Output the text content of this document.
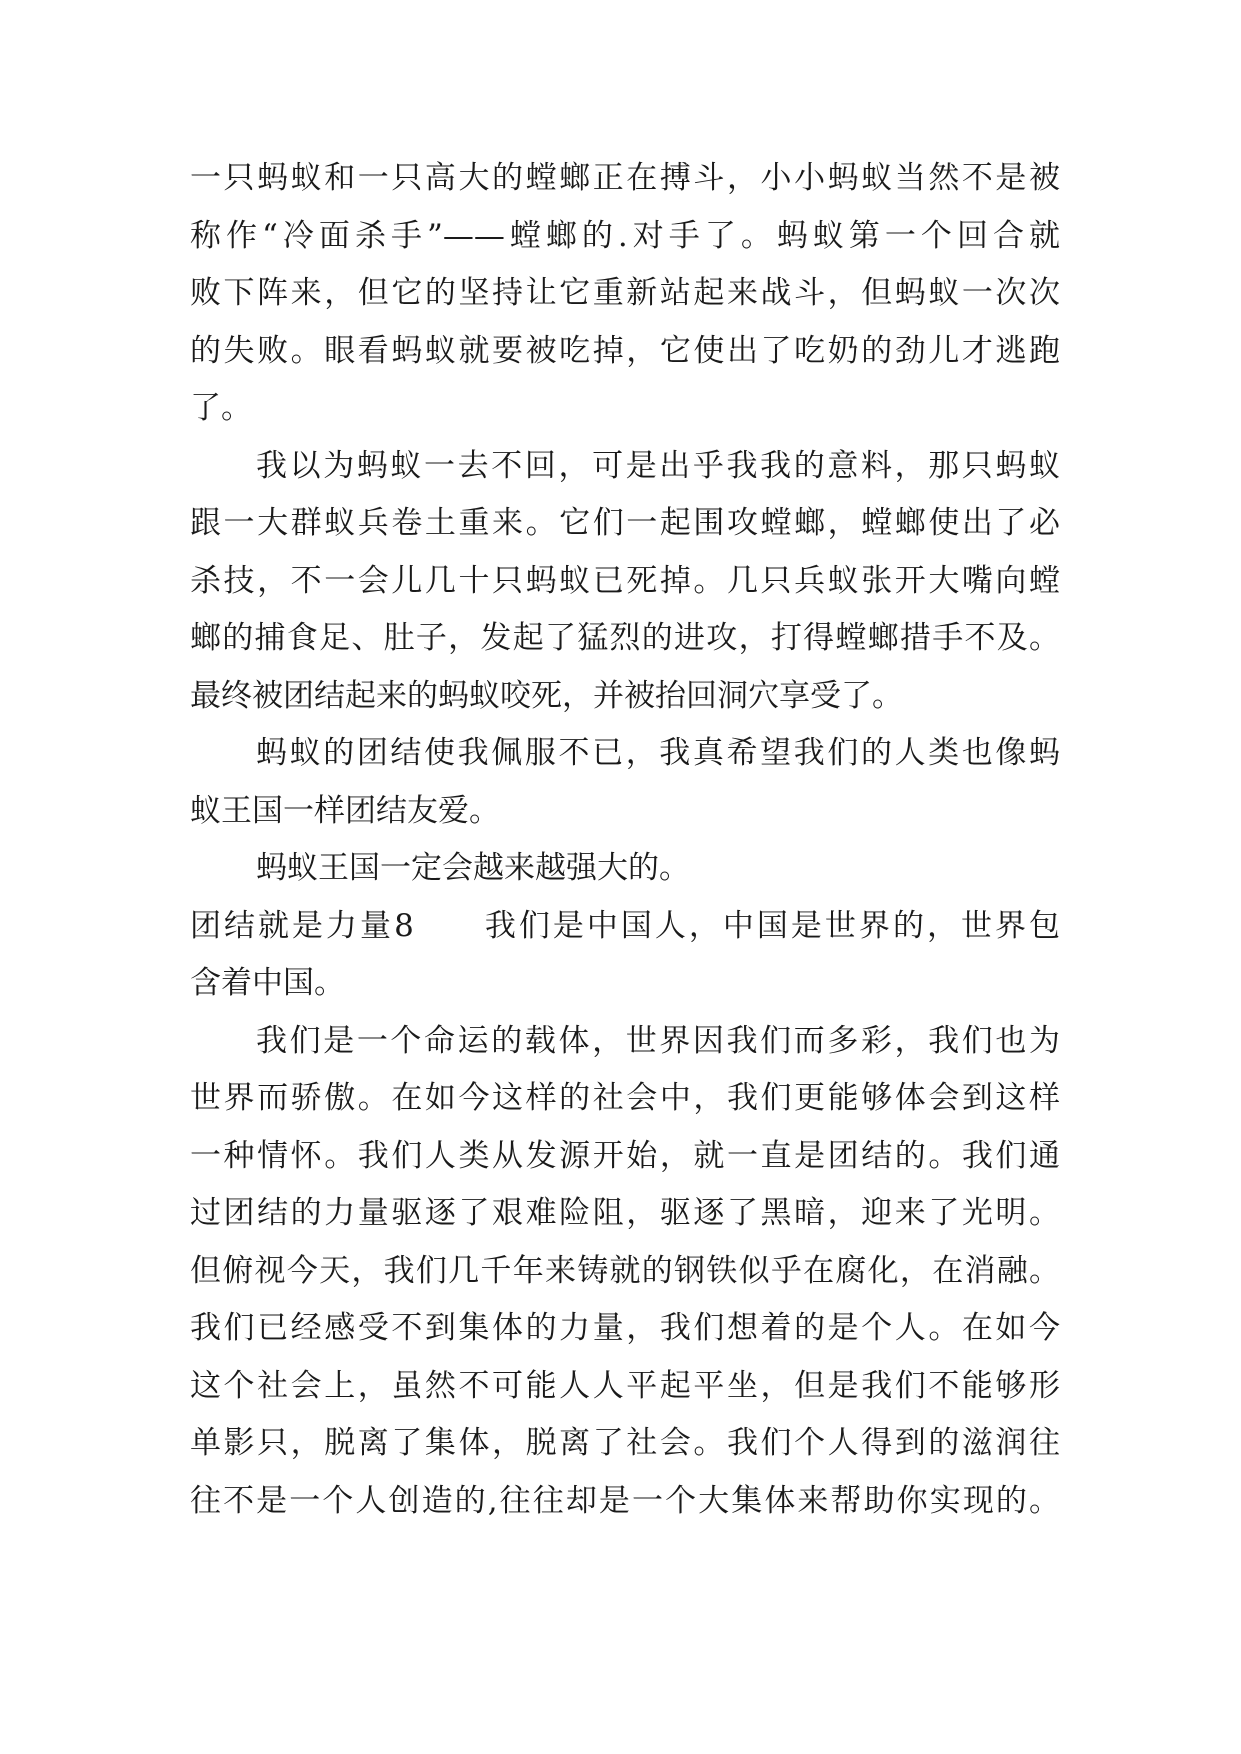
一只蚂蚁和一只高大的螳螂正在搏斗，小小蚂蚁当然不是被
称作“冷面杀手”——螳螂的.对手了。蚂蚁第一个回合就
败下阵来，但它的坚持让它重新站起来战斗，但蚂蚁一次次
的失败。眼看蚂蚁就要被吃掉，它使出了吃奶的劲儿才逃跑
了。
我以为蚂蚁一去不回，可是出乎我我的意料，那只蚂蚁
跟一大群蚁兵卷土重来。它们一起围攻螳螂，螳螂使出了必
杀技，不一会儿几十只蚂蚁已死掉。几只兵蚁张开大嘴向螳
螂的捕食足、肚子，发起了猛烈的进攻，打得螳螂措手不及。
最终被团结起来的蚂蚁咬死，并被抬回洞穴享受了。
蚂蚁的团结使我佩服不已，我真希望我们的人类也像蚂
蚁王国一样团结友爱。
蚂蚁王国一定会越来越强大的。
团结就是力量8　　我们是中国人，中国是世界的，世界包
含着中国。
我们是一个命运的载体，世界因我们而多彩，我们也为
世界而骄傲。在如今这样的社会中，我们更能够体会到这样
一种情怀。我们人类从发源开始，就一直是团结的。我们通
过团结的力量驱逐了艰难险阻，驱逐了黑暗，迎来了光明。
但俯视今天，我们几千年来铸就的钢铁似乎在腐化，在消融。
我们已经感受不到集体的力量，我们想着的是个人。在如今
这个社会上，虽然不可能人人平起平坐，但是我们不能够形
单影只，脱离了集体，脱离了社会。我们个人得到的滋润往
往不是一个人创造的,往往却是一个大集体来帮助你实现的。
